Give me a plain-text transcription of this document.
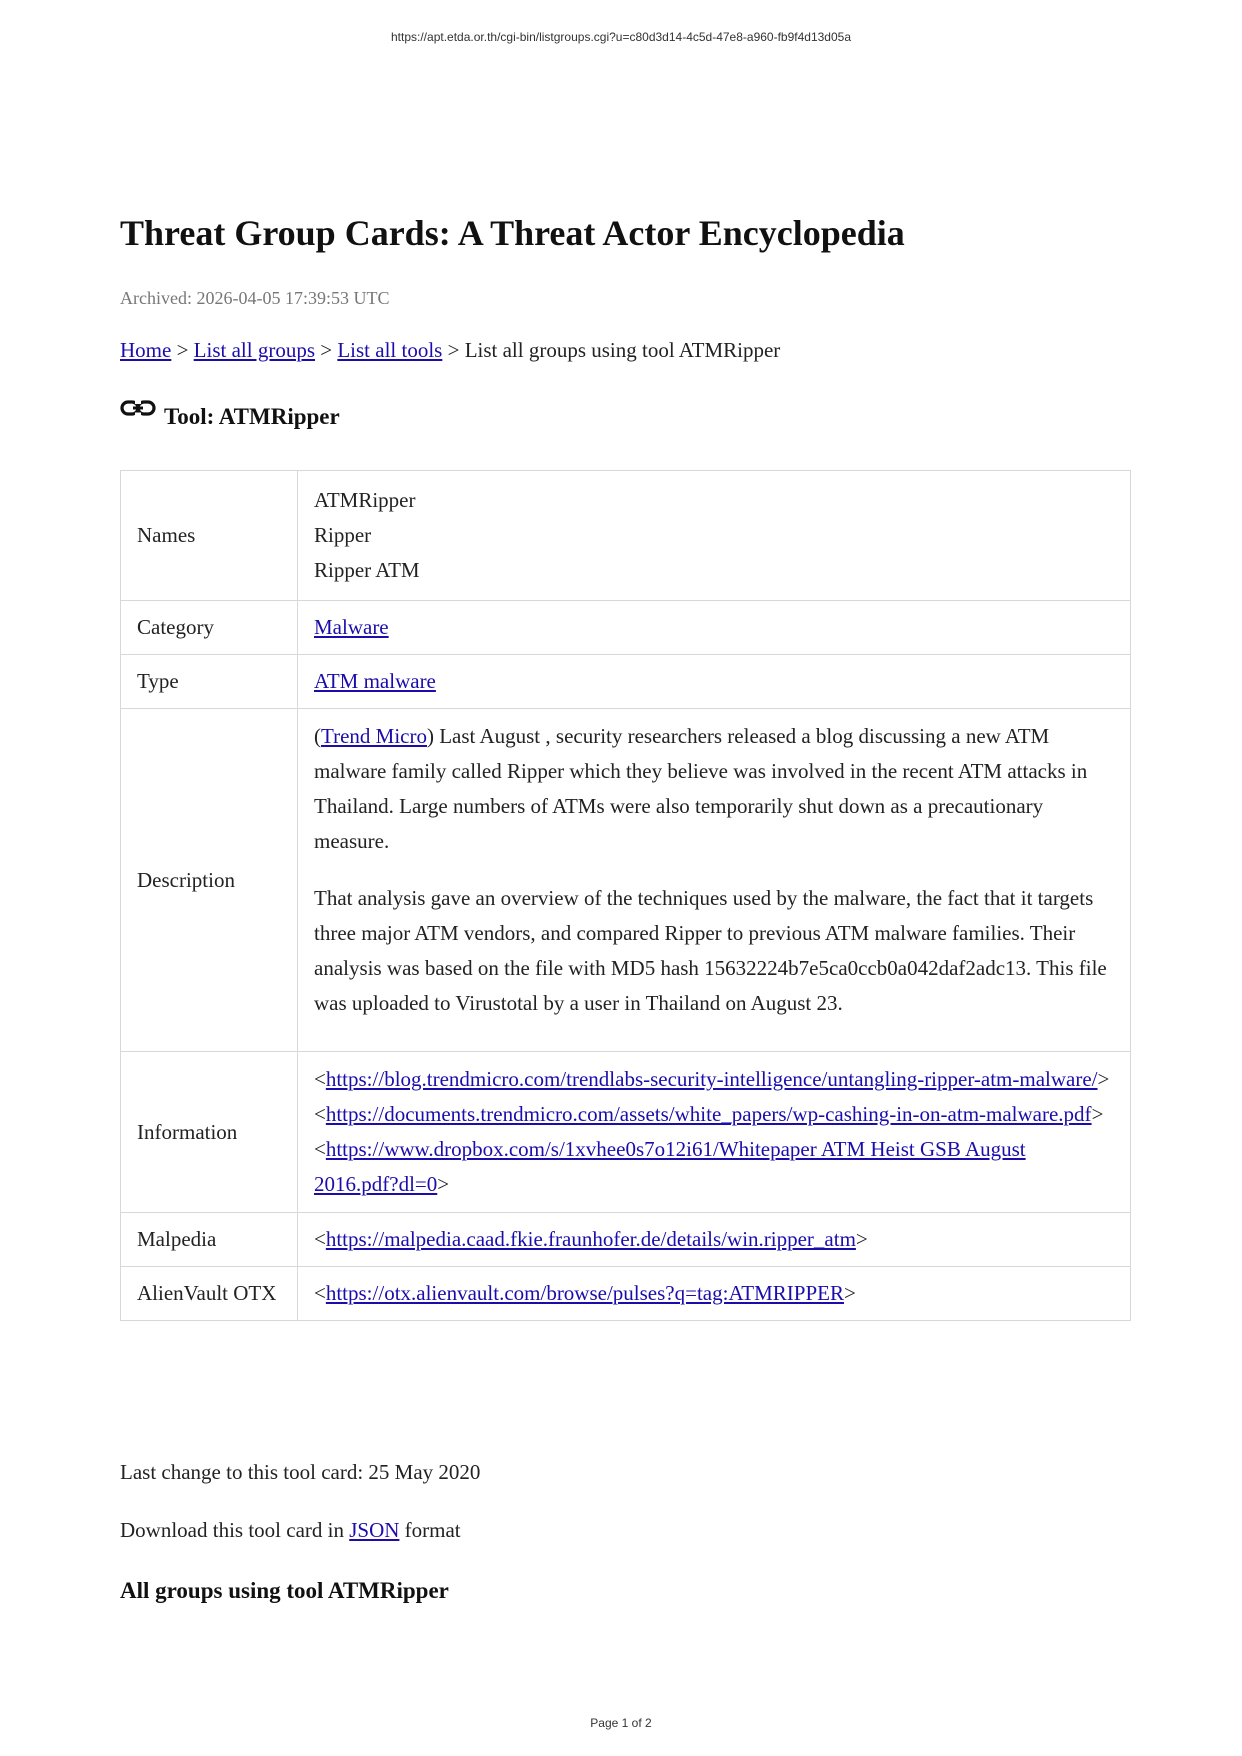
https://apt.etda.or.th/cgi-bin/listgroups.cgi?u=c80d3d14-4c5d-47e8-a960-fb9f4d13d05a
Threat Group Cards: A Threat Actor Encyclopedia
Archived: 2026-04-05 17:39:53 UTC
Home > List all groups > List all tools > List all groups using tool ATMRipper
Tool: ATMRipper
Names	ATMRipper
Ripper
Ripper ATM

Category	Malware
Type	ATM malware
Description	(Trend Micro) Last August , security researchers released a blog discussing a new ATM malware family called Ripper which they believe was involved in the recent ATM attacks in Thailand. Large numbers of ATMs were also temporarily shut down as a precautionary measure.

That analysis gave an overview of the techniques used by the malware, the fact that it targets three major ATM vendors, and compared Ripper to previous ATM malware families. Their analysis was based on the file with MD5 hash 15632224b7e5ca0ccb0a042daf2adc13. This file was uploaded to Virustotal by a user in Thailand on August 23.

Information	<https://blog.trendmicro.com/trendlabs-security-intelligence/untangling-ripper-atm-malware/>
<https://documents.trendmicro.com/assets/white_papers/wp-cashing-in-on-atm-malware.pdf>
<https://www.dropbox.com/s/1xvhee0s7o12i61/Whitepaper ATM Heist GSB August 2016.pdf?dl=0>

Malpedia	<https://malpedia.caad.fkie.fraunhofer.de/details/win.ripper_atm>
AlienVault OTX	<https://otx.alienvault.com/browse/pulses?q=tag:ATMRIPPER>
Last change to this tool card: 25 May 2020
Download this tool card in JSON format
All groups using tool ATMRipper
Page 1 of 2
